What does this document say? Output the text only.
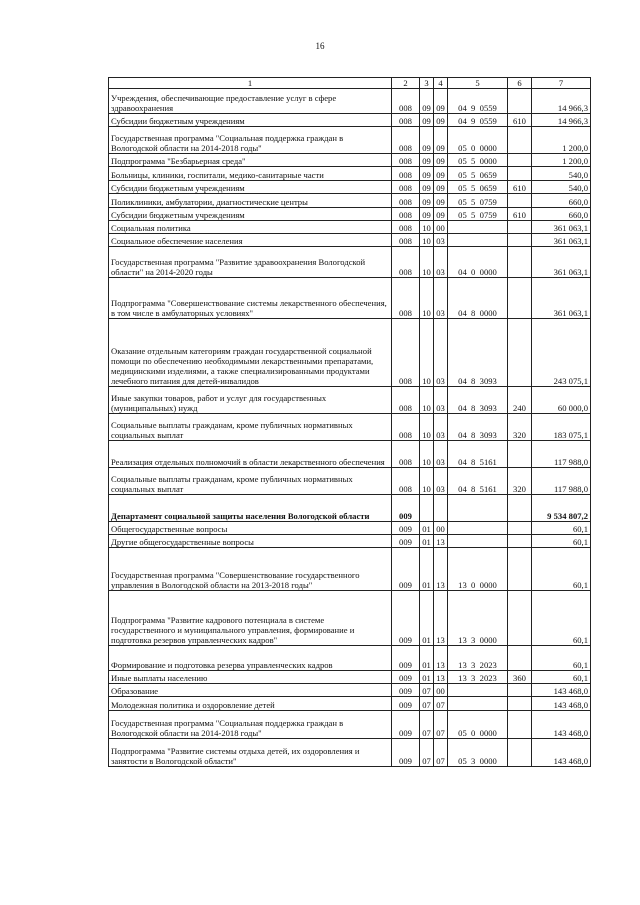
16
1	2	3	4	5	6	7
Учреждения, обеспечивающие предоставление услуг в сфере здравоохранения	008	09	09	04  9  0559		14 966,3
Субсидии бюджетным учреждениям	008	09	09	04  9  0559	610	14 966,3
Государственная программа "Социальная поддержка граждан в Вологодской области на 2014-2018 годы"	008	09	09	05  0  0000		1 200,0
Подпрограмма "Безбарьерная среда"	008	09	09	05  5  0000		1 200,0
Больницы, клиники, госпитали, медико-санитарные части	008	09	09	05  5  0659		540,0
Субсидии бюджетным учреждениям	008	09	09	05  5  0659	610	540,0
Поликлиники, амбулатории, диагностические центры	008	09	09	05  5  0759		660,0
Субсидии бюджетным учреждениям	008	09	09	05  5  0759	610	660,0
Социальная политика	008	10	00			361 063,1
Социальное обеспечение населения	008	10	03			361 063,1
Государственная программа "Развитие здравоохранения Вологодской области" на 2014-2020 годы	008	10	03	04  0  0000		361 063,1
Подпрограмма "Совершенствование системы лекарственного обеспечения, в том числе в амбулаторных условиях"	008	10	03	04  8  0000		361 063,1
Оказание отдельным категориям граждан государственной социальной помощи по обеспечению необходимыми лекарственными препаратами, медицинскими изделиями, а также специализированными продуктами лечебного питания для детей-инвалидов	008	10	03	04  8  3093		243 075,1
Иные закупки товаров, работ и услуг для государственных (муниципальных) нужд	008	10	03	04  8  3093	240	60 000,0
Социальные выплаты гражданам, кроме публичных нормативных социальных выплат	008	10	03	04  8  3093	320	183 075,1
Реализация отдельных полномочий в области лекарственного обеспечения	008	10	03	04  8  5161		117 988,0
Социальные выплаты гражданам, кроме публичных нормативных социальных выплат	008	10	03	04  8  5161	320	117 988,0
Департамент социальной защиты населения Вологодской области	009					9 534 807,2
Общегосударственные вопросы	009	01	00			60,1
Другие общегосударственные вопросы	009	01	13			60,1
Государственная программа "Совершенствование государственного управления в Вологодской области на 2013-2018 годы"	009	01	13	13  0  0000		60,1
Подпрограмма "Развитие кадрового потенциала в системе государственного и муниципального управления, формирование и подготовка резервов управленческих кадров"	009	01	13	13  3  0000		60,1
Формирование и подготовка резерва управленческих кадров	009	01	13	13  3  2023		60,1
Иные выплаты населению	009	01	13	13  3  2023	360	60,1
Образование	009	07	00			143 468,0
Молодежная политика и оздоровление детей	009	07	07			143 468,0
Государственная программа "Социальная поддержка граждан в Вологодской области на 2014-2018 годы"	009	07	07	05  0  0000		143 468,0
Подпрограмма "Развитие системы отдыха детей, их оздоровления и занятости в Вологодской области"	009	07	07	05  3  0000		143 468,0
